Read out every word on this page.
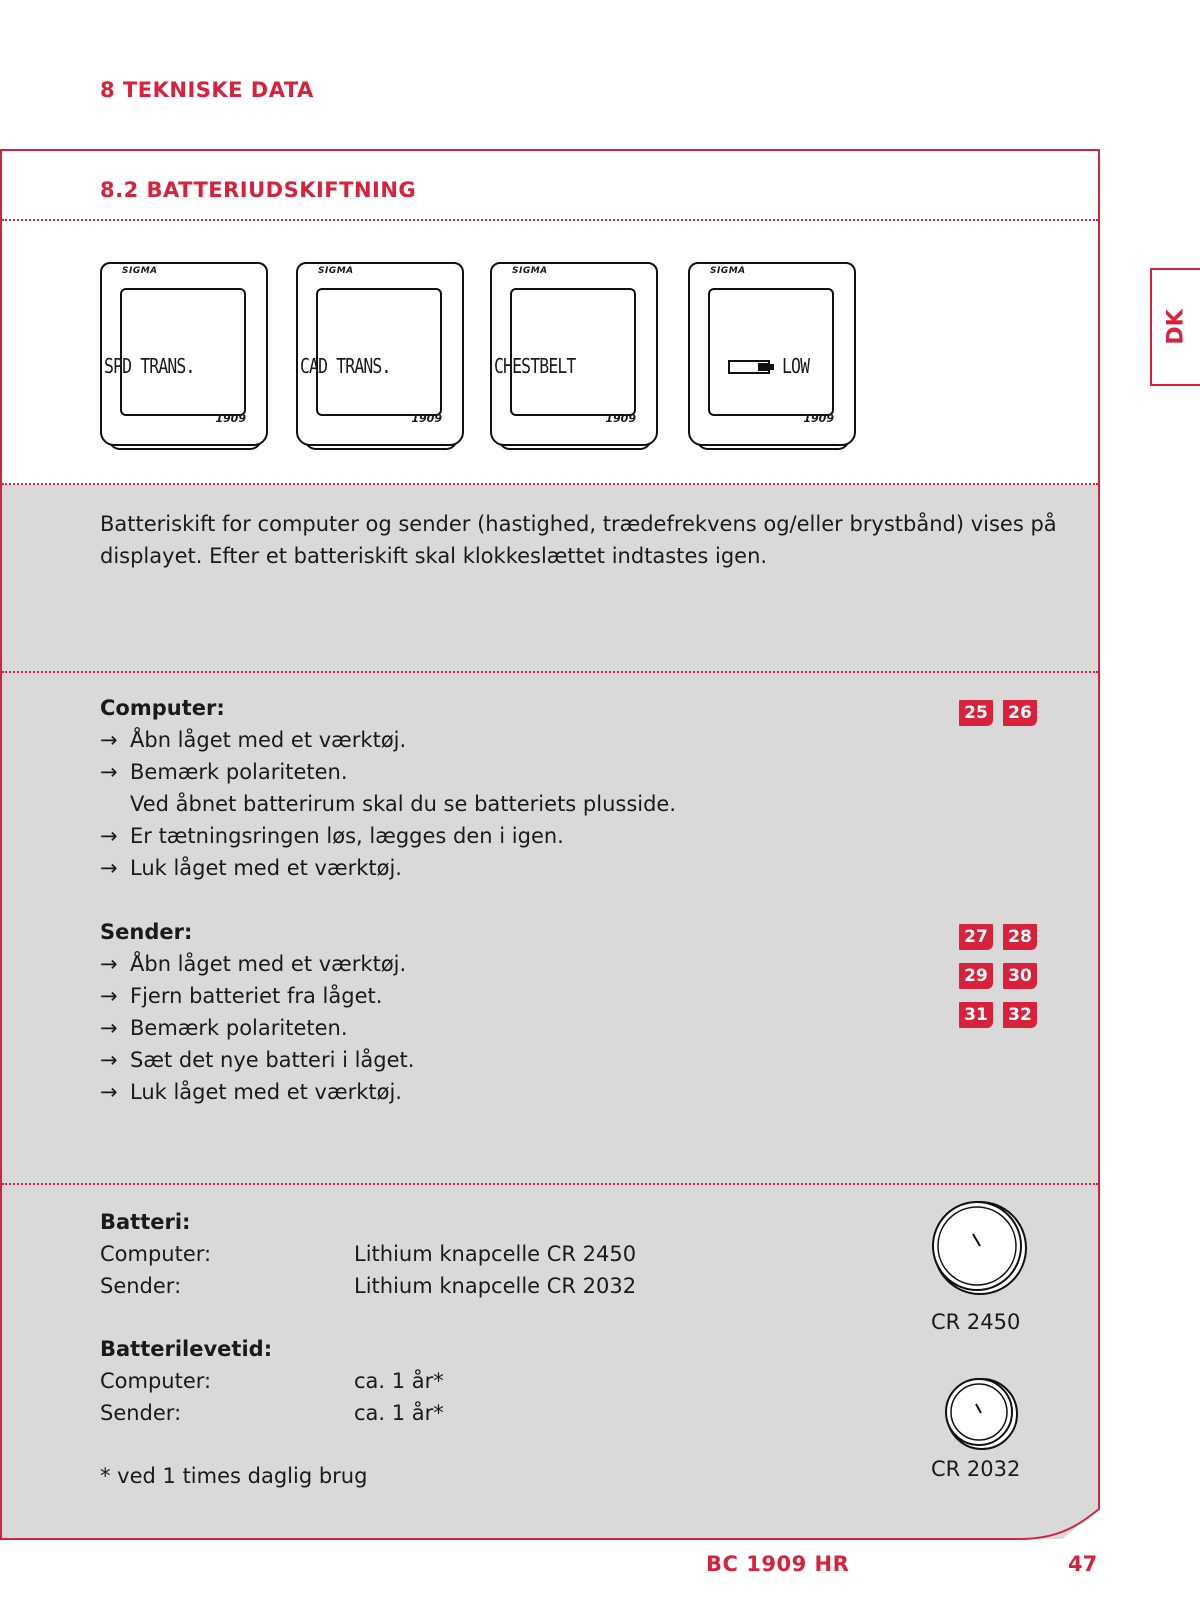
8 TEKNISKE DATA
8.2 BATTERIUDSKIFTNING
SIGMA
SPD TRANS.
1909
SIGMA
CAD TRANS.
1909
SIGMA
CHESTBELT
1909
SIGMA
LOW
1909
Batteriskift for computer og sender (hastighed, trædefrekvens og/eller brystbånd) vises på displayet. Efter et batteriskift skal klokkeslættet indtastes igen.
Computer:
→ Åbn låget med et værktøj.
→ Bemærk polariteten.
Ved åbnet batterirum skal du se batteriets plusside.
→ Er tætningsringen løs, lægges den i igen.
→ Luk låget med et værktøj.
Sender:
→ Åbn låget med et værktøj.
→ Fjern batteriet fra låget.
→ Bemærk polariteten.
→ Sæt det nye batteri i låget.
→ Luk låget med et værktøj.
25	26
27	28
29	30
31	32
Batteri:
Computer:	Lithium knapcelle CR 2450
Sender:	Lithium knapcelle CR 2032
Batterilevetid:
Computer:	ca. 1 år*
Sender:	ca. 1 år*
* ved 1 times daglig brug
CR 2450
CR 2032
DK
BC 1909 HR	47
